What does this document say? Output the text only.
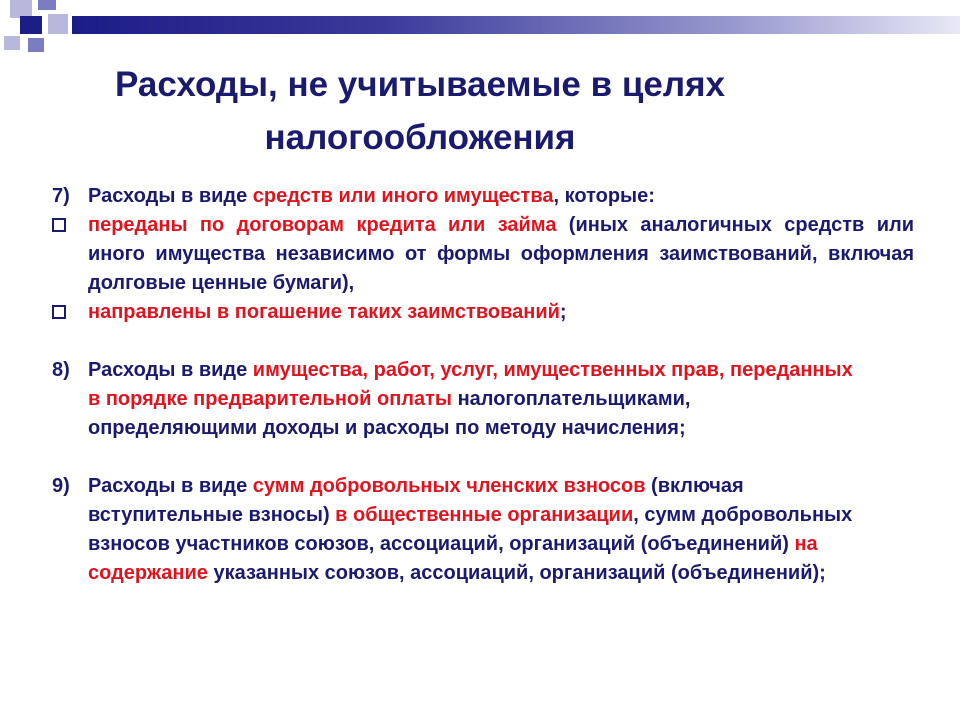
Расходы, не учитываемые в целях
налогообложения
7) Расходы в виде средств или иного имущества, которые:
переданы по договорам кредита или займа (иных аналогичных средств или иного имущества независимо от формы оформления заимствований, включая долговые ценные бумаги),
направлены в погашение таких заимствований;
8) Расходы в виде имущества, работ, услуг, имущественных прав, переданных в порядке предварительной оплаты налогоплательщиками, определяющими доходы и расходы по методу начисления;
9) Расходы в виде сумм добровольных членских взносов (включая вступительные взносы) в общественные организации, сумм добровольных взносов участников союзов, ассоциаций, организаций (объединений) на содержание указанных союзов, ассоциаций, организаций (объединений);
